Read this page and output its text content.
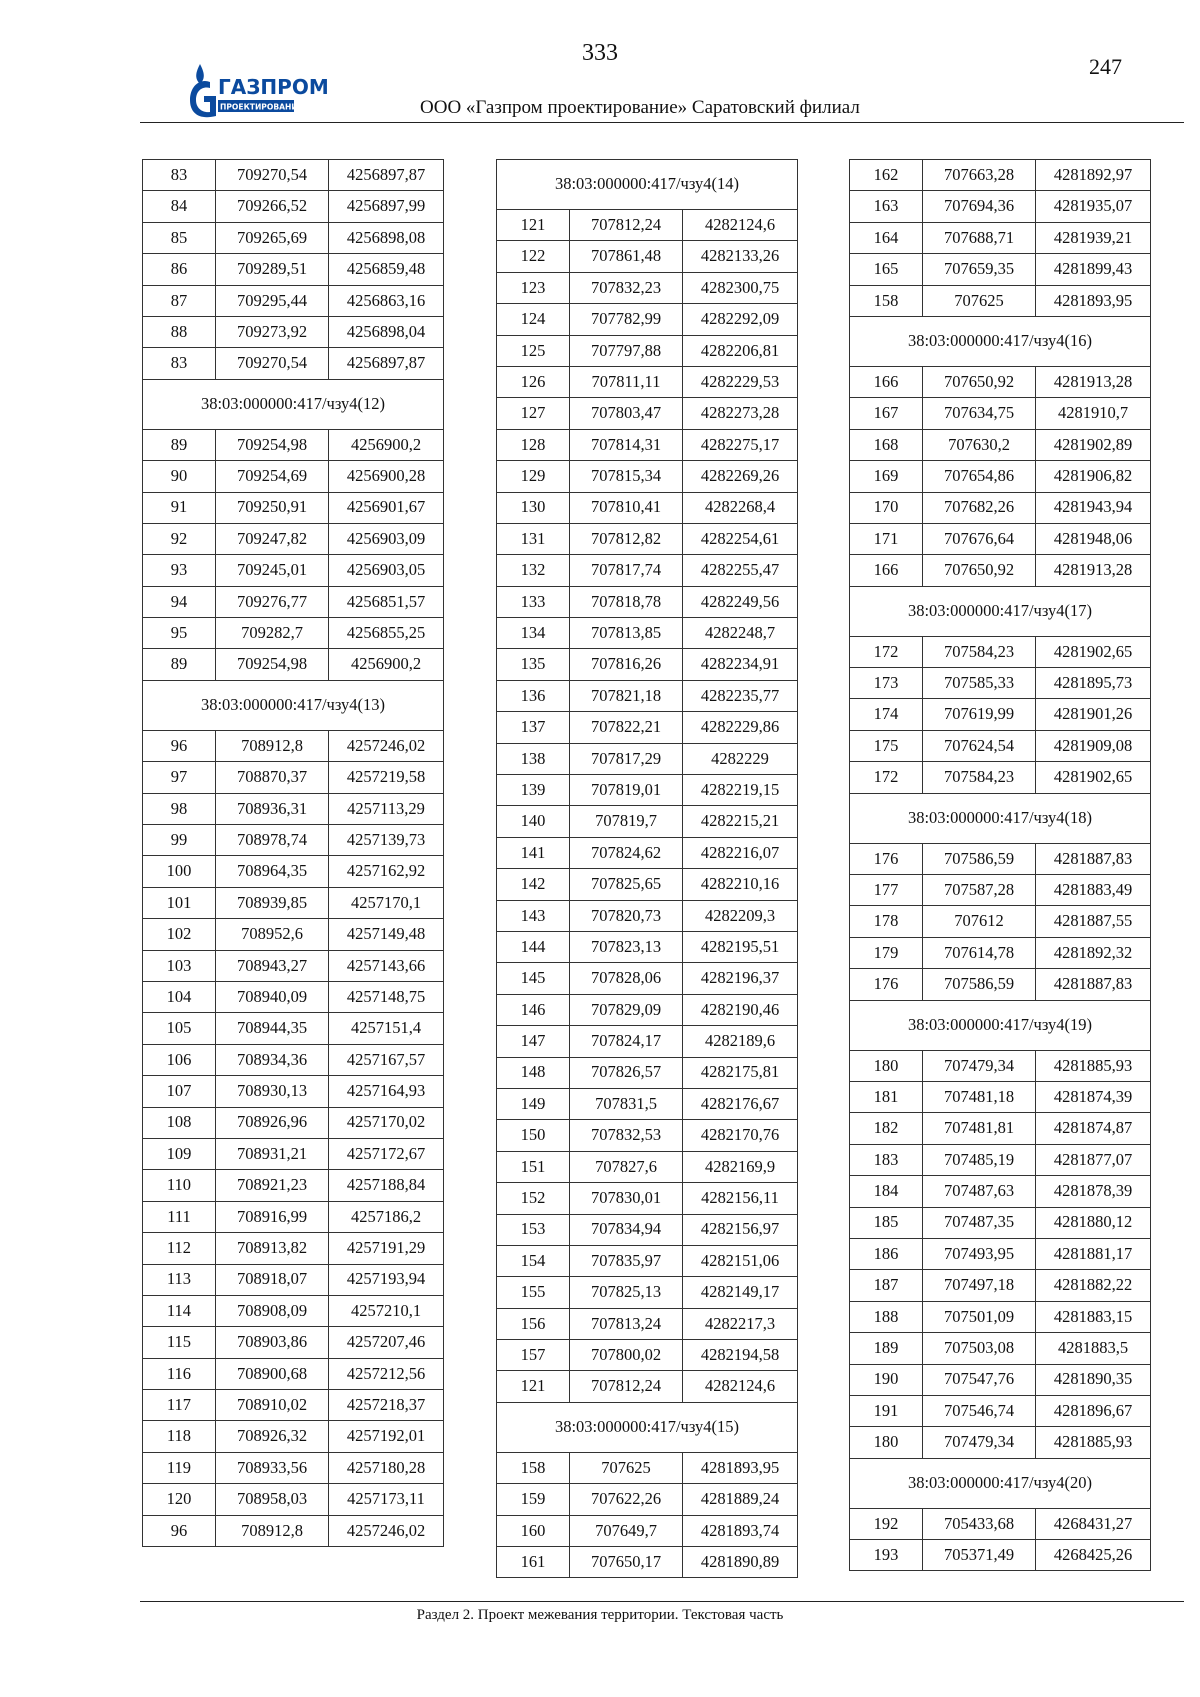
333
247
ГАЗПРОМ
ПРОЕКТИРОВАНИЕ	ООО «Газпром проектирование» Саратовский филиал
83	709270,54	4256897,87
84	709266,52	4256897,99
85	709265,69	4256898,08
86	709289,51	4256859,48
87	709295,44	4256863,16
88	709273,92	4256898,04
83	709270,54	4256897,87
38:03:000000:417/чзу4(12)		
89	709254,98	4256900,2
90	709254,69	4256900,28
91	709250,91	4256901,67
92	709247,82	4256903,09
93	709245,01	4256903,05
94	709276,77	4256851,57
95	709282,7	4256855,25
89	709254,98	4256900,2
38:03:000000:417/чзу4(13)		
96	708912,8	4257246,02
97	708870,37	4257219,58
98	708936,31	4257113,29
99	708978,74	4257139,73
100	708964,35	4257162,92
101	708939,85	4257170,1
102	708952,6	4257149,48
103	708943,27	4257143,66
104	708940,09	4257148,75
105	708944,35	4257151,4
106	708934,36	4257167,57
107	708930,13	4257164,93
108	708926,96	4257170,02
109	708931,21	4257172,67
110	708921,23	4257188,84
111	708916,99	4257186,2
112	708913,82	4257191,29
113	708918,07	4257193,94
114	708908,09	4257210,1
115	708903,86	4257207,46
116	708900,68	4257212,56
117	708910,02	4257218,37
118	708926,32	4257192,01
119	708933,56	4257180,28
120	708958,03	4257173,11
96	708912,8	4257246,02
38:03:000000:417/чзу4(14)		
121	707812,24	4282124,6
122	707861,48	4282133,26
123	707832,23	4282300,75
124	707782,99	4282292,09
125	707797,88	4282206,81
126	707811,11	4282229,53
127	707803,47	4282273,28
128	707814,31	4282275,17
129	707815,34	4282269,26
130	707810,41	4282268,4
131	707812,82	4282254,61
132	707817,74	4282255,47
133	707818,78	4282249,56
134	707813,85	4282248,7
135	707816,26	4282234,91
136	707821,18	4282235,77
137	707822,21	4282229,86
138	707817,29	4282229
139	707819,01	4282219,15
140	707819,7	4282215,21
141	707824,62	4282216,07
142	707825,65	4282210,16
143	707820,73	4282209,3
144	707823,13	4282195,51
145	707828,06	4282196,37
146	707829,09	4282190,46
147	707824,17	4282189,6
148	707826,57	4282175,81
149	707831,5	4282176,67
150	707832,53	4282170,76
151	707827,6	4282169,9
152	707830,01	4282156,11
153	707834,94	4282156,97
154	707835,97	4282151,06
155	707825,13	4282149,17
156	707813,24	4282217,3
157	707800,02	4282194,58
121	707812,24	4282124,6
38:03:000000:417/чзу4(15)		
158	707625	4281893,95
159	707622,26	4281889,24
160	707649,7	4281893,74
161	707650,17	4281890,89
162	707663,28	4281892,97
163	707694,36	4281935,07
164	707688,71	4281939,21
165	707659,35	4281899,43
158	707625	4281893,95
38:03:000000:417/чзу4(16)		
166	707650,92	4281913,28
167	707634,75	4281910,7
168	707630,2	4281902,89
169	707654,86	4281906,82
170	707682,26	4281943,94
171	707676,64	4281948,06
166	707650,92	4281913,28
38:03:000000:417/чзу4(17)		
172	707584,23	4281902,65
173	707585,33	4281895,73
174	707619,99	4281901,26
175	707624,54	4281909,08
172	707584,23	4281902,65
38:03:000000:417/чзу4(18)		
176	707586,59	4281887,83
177	707587,28	4281883,49
178	707612	4281887,55
179	707614,78	4281892,32
176	707586,59	4281887,83
38:03:000000:417/чзу4(19)		
180	707479,34	4281885,93
181	707481,18	4281874,39
182	707481,81	4281874,87
183	707485,19	4281877,07
184	707487,63	4281878,39
185	707487,35	4281880,12
186	707493,95	4281881,17
187	707497,18	4281882,22
188	707501,09	4281883,15
189	707503,08	4281883,5
190	707547,76	4281890,35
191	707546,74	4281896,67
180	707479,34	4281885,93
38:03:000000:417/чзу4(20)		
192	705433,68	4268431,27
193	705371,49	4268425,26
Раздел 2. Проект межевания территории. Текстовая часть
